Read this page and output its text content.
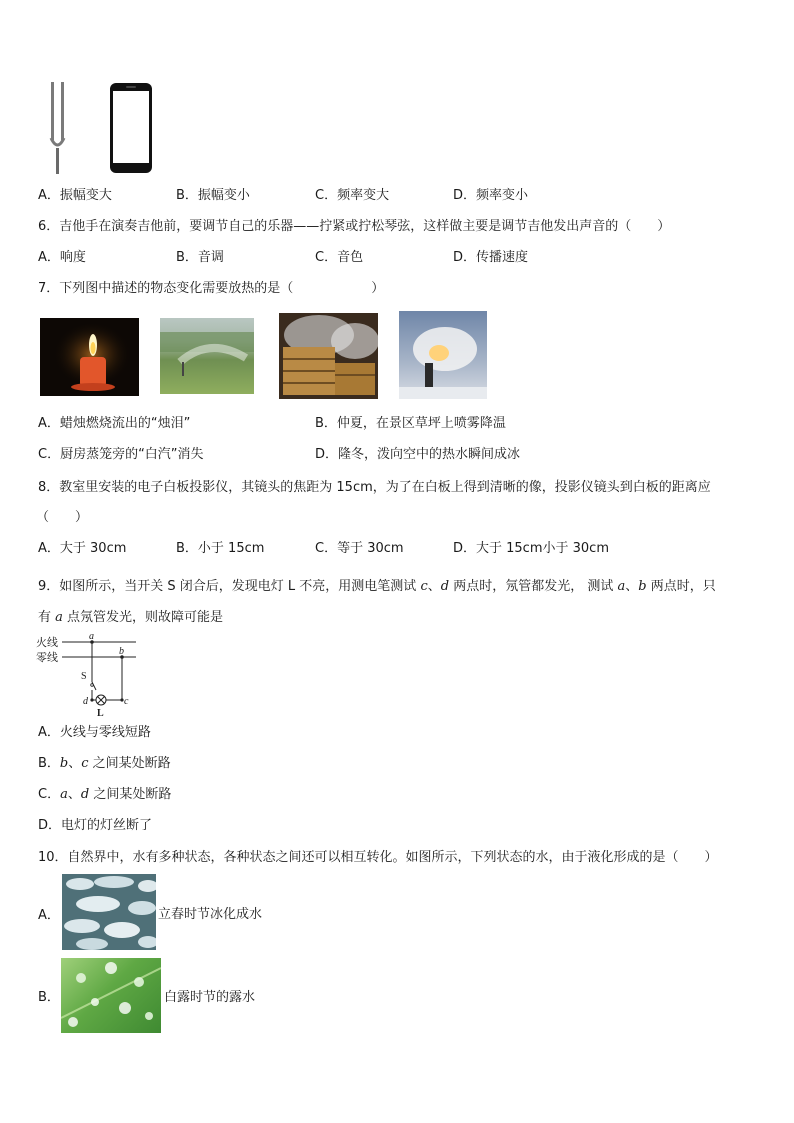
A．振幅变大	B．振幅变小	C．频率变大	D．频率变小
6．吉他手在演奏吉他前，要调节自己的乐器——拧紧或拧松琴弦，这样做主要是调节吉他发出声音的（　　）
A．响度	B．音调	C．音色	D．传播速度
7．下列图中描述的物态变化需要放热的是（　　　　　　）
A．蜡烛燃烧流出的“烛泪”	B．仲夏，在景区草坪上喷雾降温
C．厨房蒸笼旁的“白汽”消失	D．隆冬，泼向空中的热水瞬间成冰
8．教室里安装的电子白板投影仪，其镜头的焦距为 15cm，为了在白板上得到清晰的像，投影仪镜头到白板的距离应
（　　）
A．大于 30cm	B．小于 15cm	C．等于 30cm	D．大于 15cm小于 30cm
9．如图所示，当开关 S 闭合后，发现电灯 L 不亮，用测电笔测试 c、d 两点时，氖管都发光， 测试 a、b 两点时，只
有 a 点氖管发光，则故障可能是
火线
零线
a
b
S
d	c
L
A．火线与零线短路
B．b、c 之间某处断路
C．a、d 之间某处断路
D．电灯的灯丝断了
10．自然界中，水有多种状态，各种状态之间还可以相互转化。如图所示，下列状态的水，由于液化形成的是（　　）
A．	立春时节冰化成水
B．	白露时节的露水
